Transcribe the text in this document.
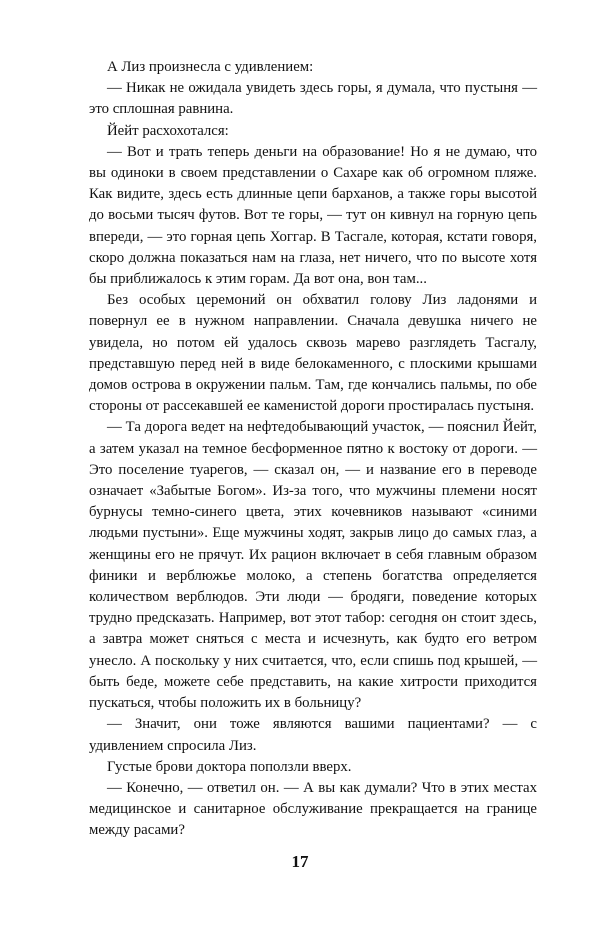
А Лиз произнесла с удивлением:

— Никак не ожидала увидеть здесь горы, я думала, что пустыня — это сплошная равнина.

Йейт расхохотался:

— Вот и трать теперь деньги на образование! Но я не думаю, что вы одиноки в своем представлении о Сахаре как об огромном пляже. Как видите, здесь есть длинные цепи барханов, а также горы высотой до восьми тысяч футов. Вот те горы, — тут он кивнул на горную цепь впереди, — это горная цепь Хоггар. В Тасгале, которая, кстати говоря, скоро должна показаться нам на глаза, нет ничего, что по высоте хотя бы приближалось к этим горам. Да вот она, вон там...

Без особых церемоний он обхватил голову Лиз ладонями и повернул ее в нужном направлении. Сначала девушка ничего не увидела, но потом ей удалось сквозь марево разглядеть Тасгалу, представшую перед ней в виде белокаменного, с плоскими крышами домов острова в окружении пальм. Там, где кончались пальмы, по обе стороны от рассекавшей ее каменистой дороги простиралась пустыня.

— Та дорога ведет на нефтедобывающий участок, — пояснил Йейт, а затем указал на темное бесформенное пятно к востоку от дороги. — Это поселение туарегов, — сказал он, — и название его в переводе означает «Забытые Богом». Из-за того, что мужчины племени носят бурнусы темно-синего цвета, этих кочевников называют «синими людьми пустыни». Еще мужчины ходят, закрыв лицо до самых глаз, а женщины его не прячут. Их рацион включает в себя главным образом финики и верблюжье молоко, а степень богатства определяется количеством верблюдов. Эти люди — бродяги, поведение которых трудно предсказать. Например, вот этот табор: сегодня он стоит здесь, а завтра может сняться с места и исчезнуть, как будто его ветром унесло. А поскольку у них считается, что, если спишь под крышей, — быть беде, можете себе представить, на какие хитрости приходится пускаться, чтобы положить их в больницу?

— Значит, они тоже являются вашими пациентами? — с удивлением спросила Лиз.

Густые брови доктора поползли вверх.

— Конечно, — ответил он. — А вы как думали? Что в этих местах медицинское и санитарное обслуживание прекращается на границе между расами?

17
